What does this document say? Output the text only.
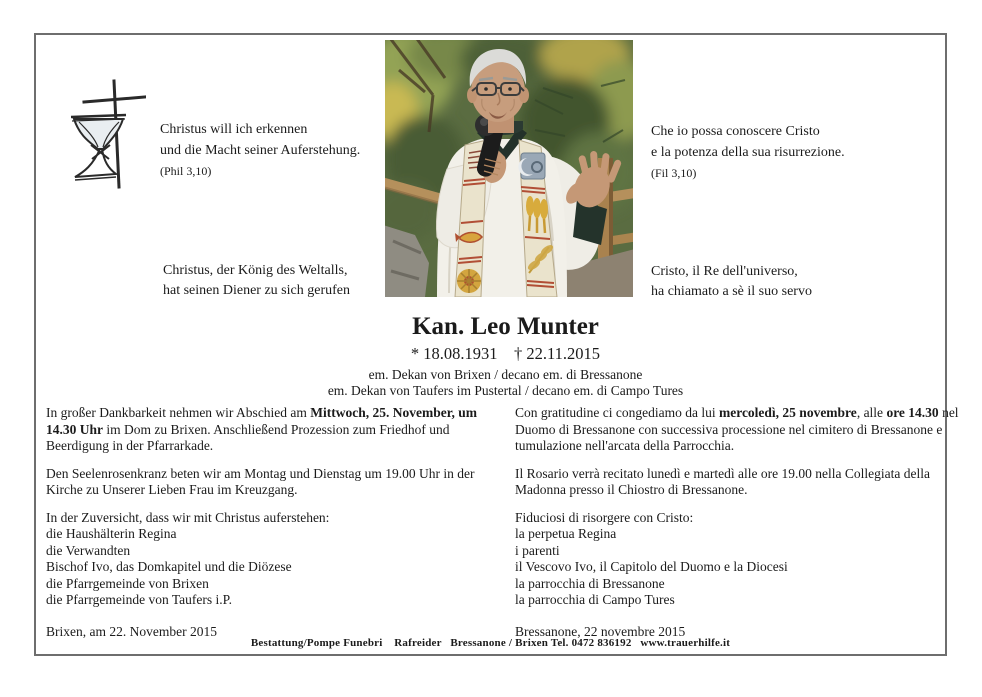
Christus will ich erkennen
und die Macht seiner Auferstehung.
(Phil 3,10)
Che io possa conoscere Cristo
e la potenza della sua risurrezione.
(Fil 3,10)
Christus, der König des Weltalls,
hat seinen Diener zu sich gerufen
Cristo, il Re dell'universo,
ha chiamato a sè il suo servo
Kan. Leo Munter
* 18.08.1931    † 22.11.2015
em. Dekan von Brixen / decano em. di Bressanone
em. Dekan von Taufers im Pustertal / decano em. di Campo Tures

In großer Dankbarkeit nehmen wir Abschied am Mittwoch, 25. November, um 14.30 Uhr im Dom zu Brixen. Anschließend Prozession zum Friedhof und Beerdigung in der Pfarrarkade.

Den Seelenrosenkranz beten wir am Montag und Dienstag um 19.00 Uhr in der Kirche zu Unserer Lieben Frau im Kreuzgang.

In der Zuversicht, dass wir mit Christus auferstehen:
die Haushälterin Regina
die Verwandten
Bischof Ivo, das Domkapitel und die Diözese
die Pfarrgemeinde von Brixen
die Pfarrgemeinde von Taufers i.P.
Brixen, am 22. November 2015

Con gratitudine ci congediamo da lui mercoledì, 25 novembre, alle ore 14.30 nel Duomo di Bressanone con successiva processione nel cimitero di Bressanone e tumulazione nell'arcata della Parrocchia.

Il Rosario verrà recitato lunedì e martedì alle ore 19.00 nella Collegiata della Madonna presso il Chiostro di Bressanone.

Fiduciosi di risorgere con Cristo:
la perpetua Regina
i parenti
il Vescovo Ivo, il Capitolo del Duomo e la Diocesi
la parrocchia di Bressanone
la parrocchia di Campo Tures
Bressanone, 22 novembre 2015
Bestattung/Pompe Funebri    Rafreider   Bressanone / Brixen Tel. 0472 836192   www.trauerhilfe.it
